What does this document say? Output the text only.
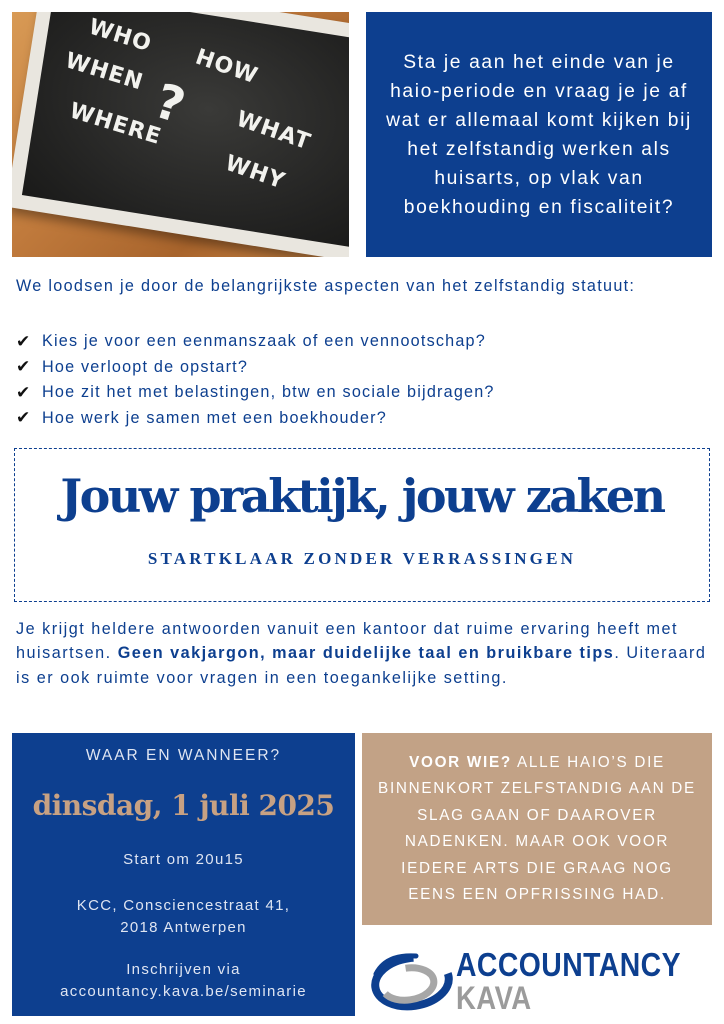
WHO
HOW
WHEN
? WHAT
WHERE
WHY

Sta je aan het einde van je haio-periode en vraag je je af wat er allemaal komt kijken bij het zelfstandig werken als huisarts, op vlak van boekhouding en fiscaliteit?

We loodsen je door de belangrijkste aspecten van het zelfstandig statuut:
✔ Kies je voor een eenmanszaak of een vennootschap?
✔ Hoe verloopt de opstart?
✔ Hoe zit het met belastingen, btw en sociale bijdragen?
✔ Hoe werk je samen met een boekhouder?
Jouw praktijk, jouw zaken
STARTKLAAR ZONDER VERRASSINGEN

Je krijgt heldere antwoorden vanuit een kantoor dat ruime ervaring heeft met huisartsen. Geen vakjargon, maar duidelijke taal en bruikbare tips. Uiteraard is er ook ruimte voor vragen in een toegankelijke setting.

WAAR EN WANNEER?
dinsdag, 1 juli 2025
Start om 20u15
KCC, Consciencestraat 41,
2018 Antwerpen
Inschrijven via
accountancy.kava.be/seminarie

VOOR WIE? ALLE HAIO’S DIE BINNENKORT ZELFSTANDIG AAN DE SLAG GAAN OF DAAROVER NADENKEN. MAAR OOK VOOR IEDERE ARTS DIE GRAAG NOG EENS EEN OPFRISSING HAD.

ACCOUNTANCY
KAVA
